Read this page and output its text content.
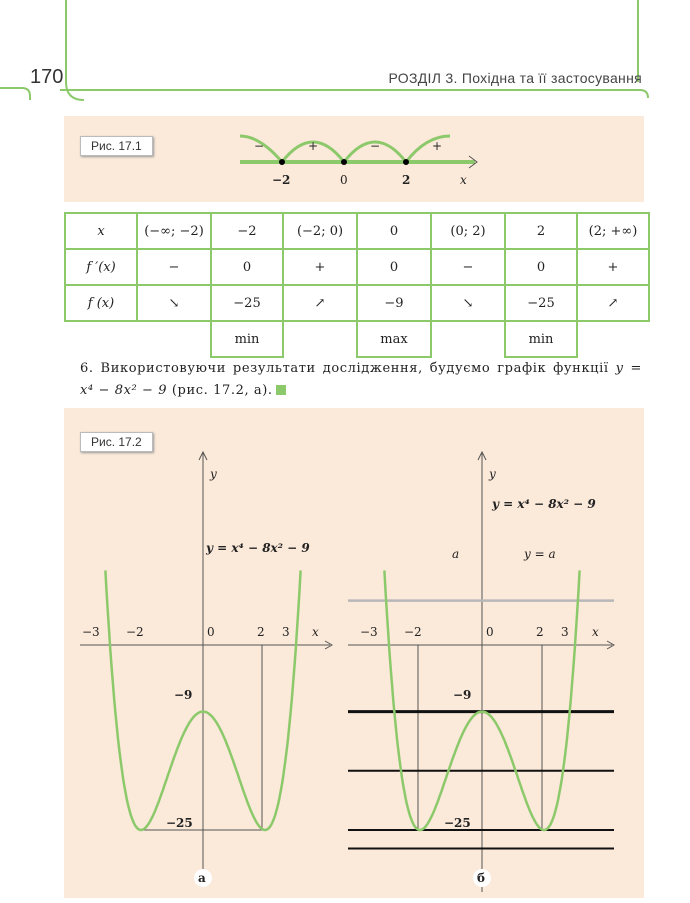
170	РОЗДІЛ 3. Похідна та її застосування
Рис. 17.1	−	+	−	+
−2	0	2	x
x	(−∞; −2)	−2	(−2; 0)	0	(0; 2)	2	(2; +∞)
f ′(x)	−	0	+	0	−	0	+
f (x)	↘	−25	↗	−9	↘	−25	↗
		min		max		min	
6. Використовуючи результати дослідження, будуємо графік функції y = x⁴ − 8x² − 9 (рис. 17.2, а).
Рис. 17.2
y
x
−3 −2	0	2 3
−9
−25
y = x⁴ − 8x² − 9
y
x
−3 −2	0	2 3
−9
−25
y = x⁴ − 8x² − 9
a	y = a
а	б
